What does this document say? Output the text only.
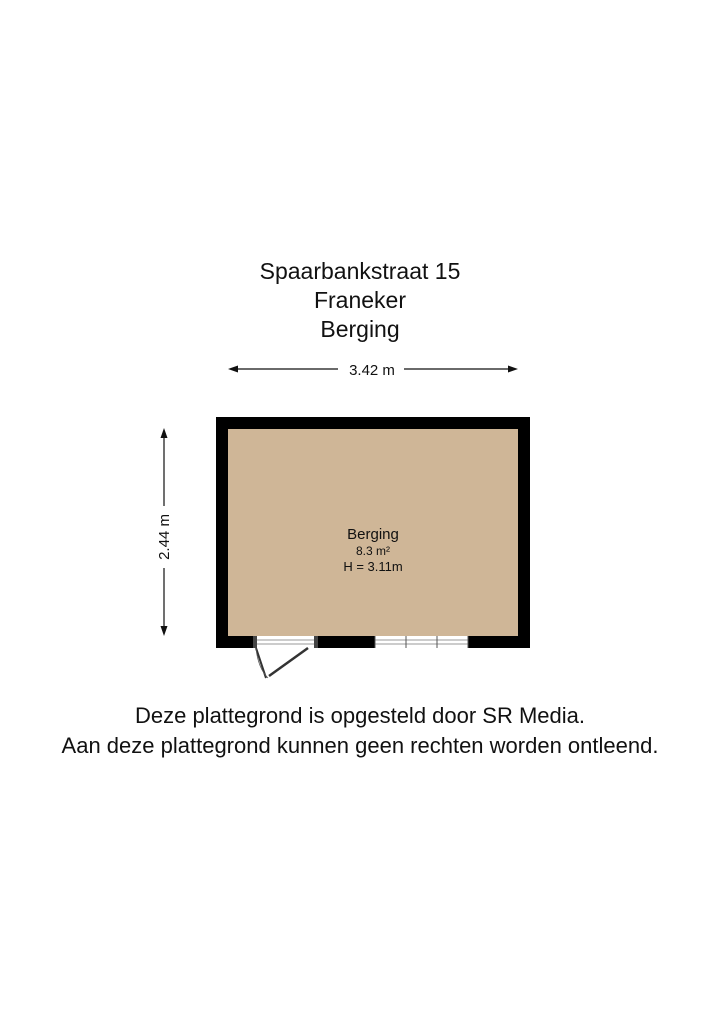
Spaarbankstraat 15
Franeker
Berging
3.42 m
2.44 m	Berging
8.3 m²
H = 3.11m
Deze plattegrond is opgesteld door SR Media.
Aan deze plattegrond kunnen geen rechten worden ontleend.
